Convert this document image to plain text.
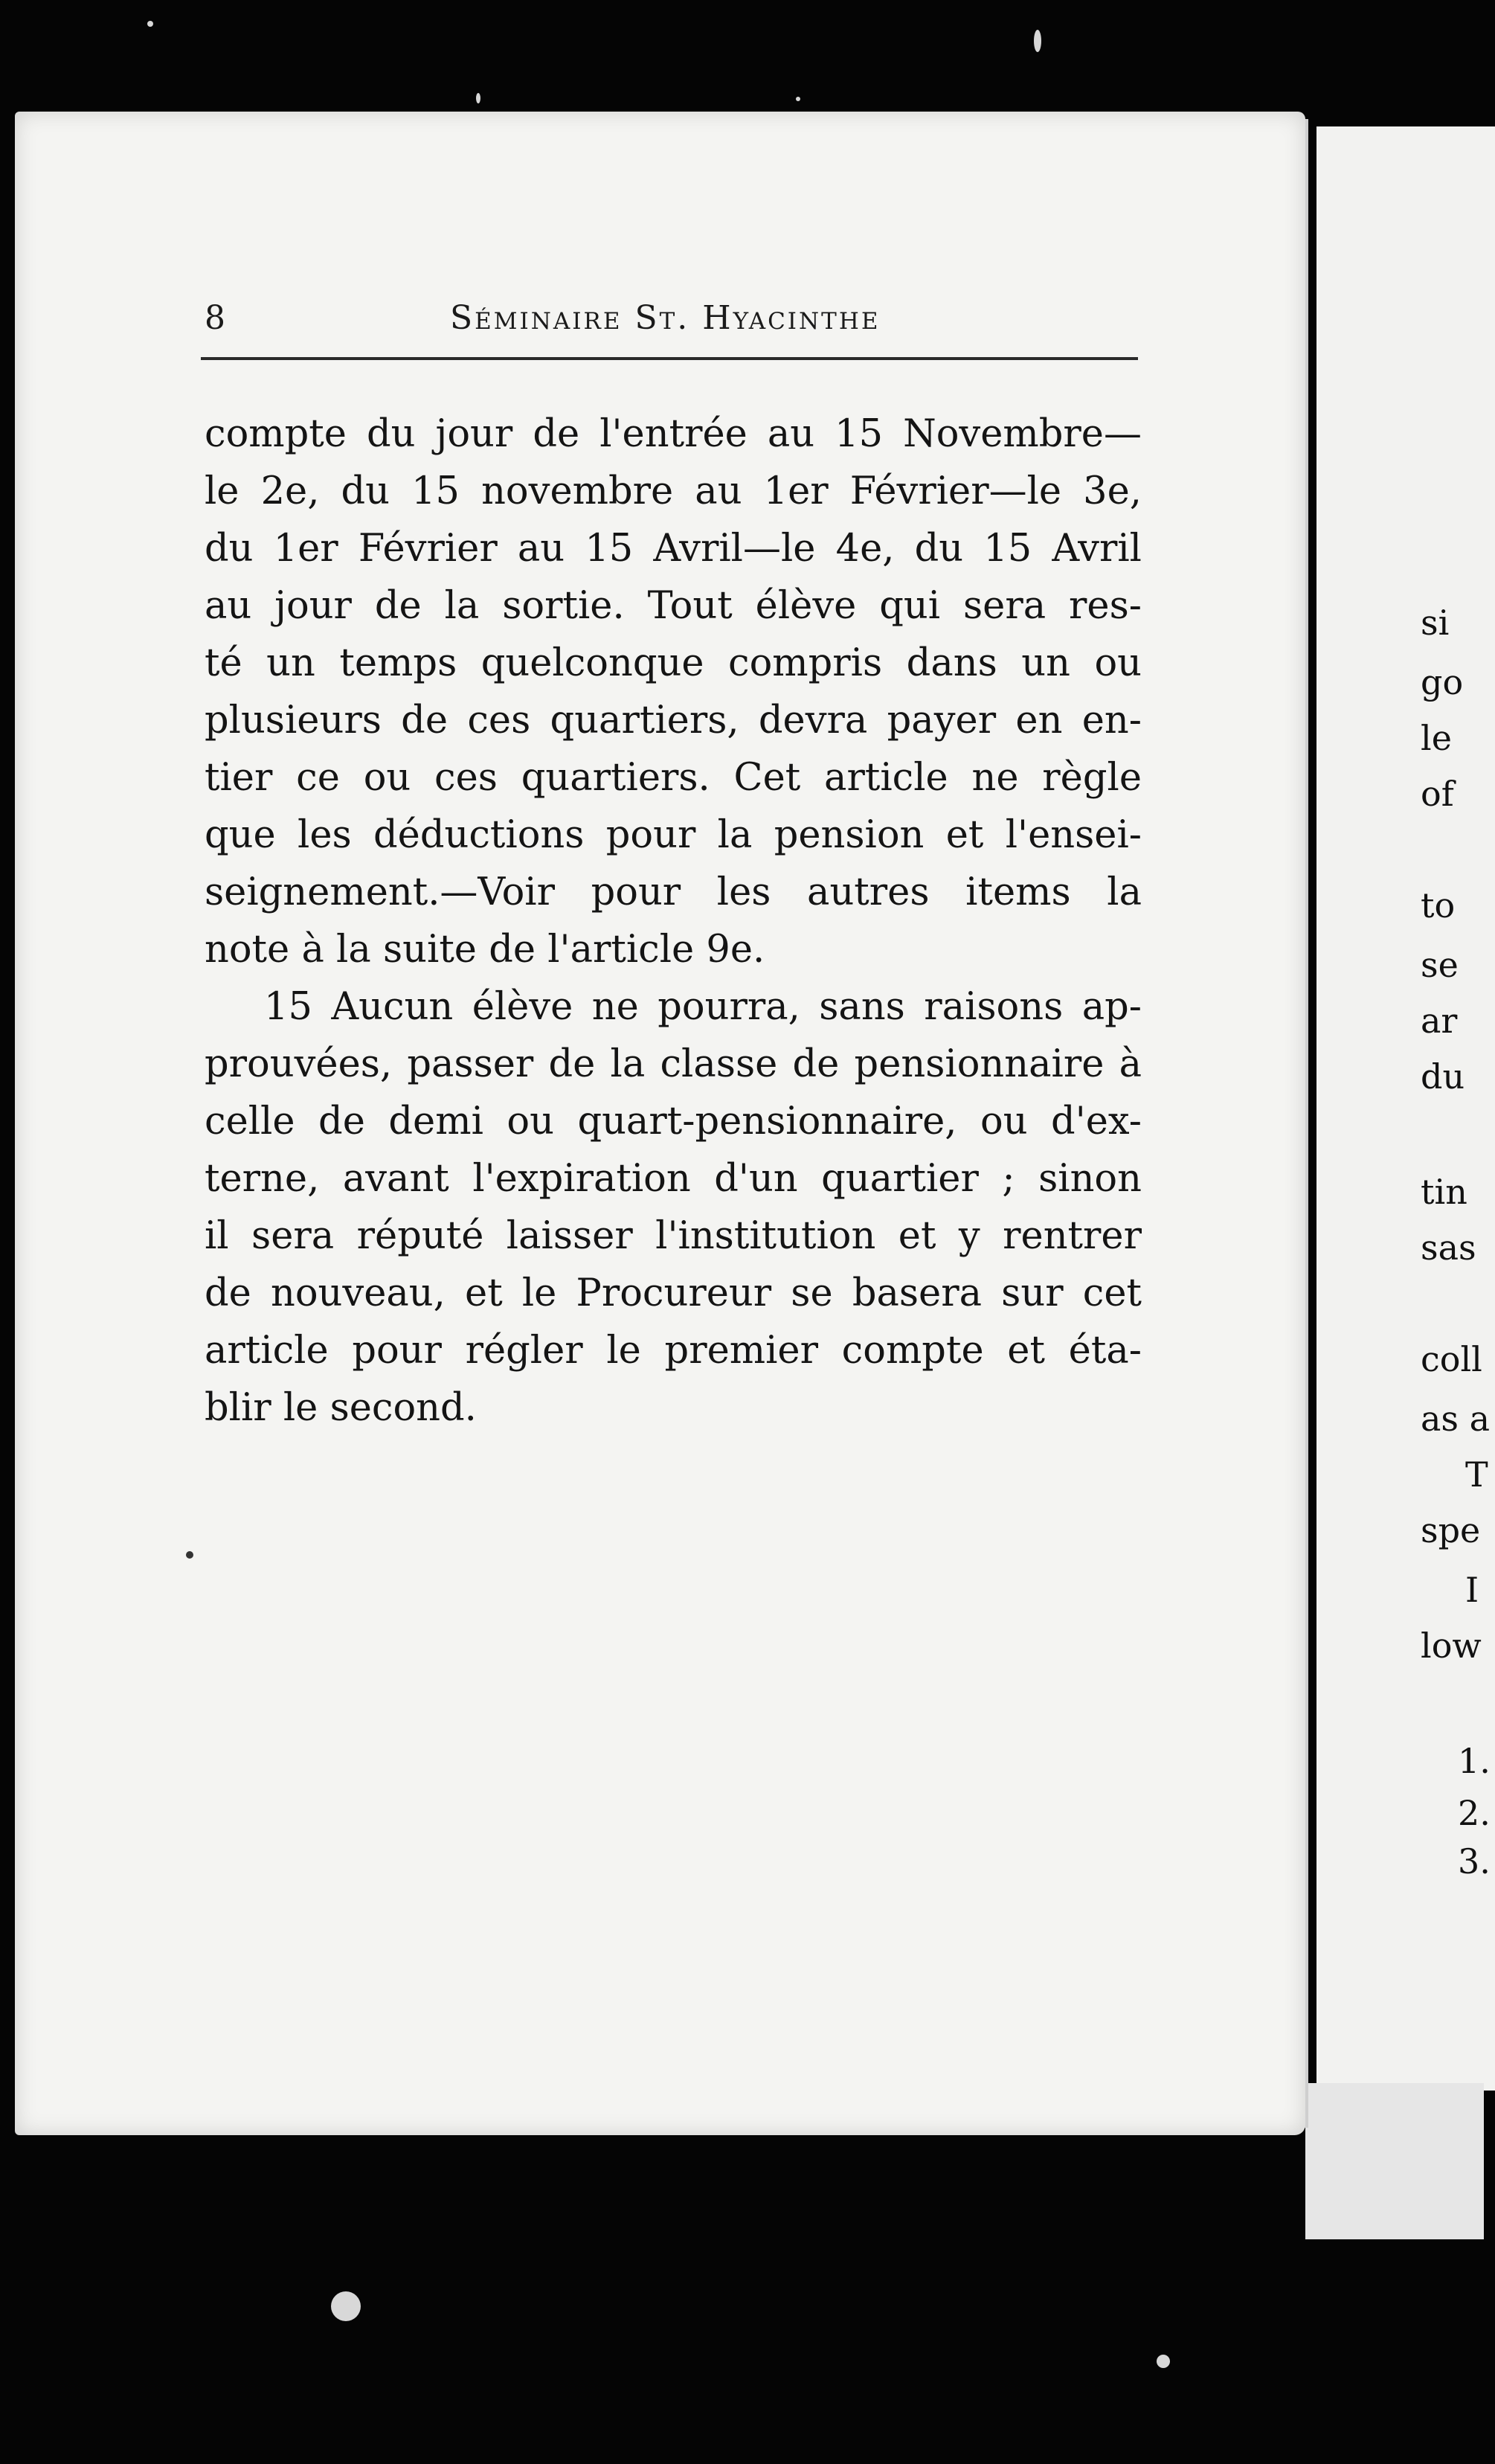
si
go
le
of
to
se
ar
du
tin
sas
coll
as a
T
spe
I
low
1.
2.
3.
8	Séminaire St. Hyacinthe
compte du jour de l'entrée au 15 Novembre—
le 2e, du 15 novembre au 1er Février—le 3e,
du 1er Février au 15 Avril—le 4e, du 15 Avril
au jour de la sortie. Tout élève qui sera res-
té un temps quelconque compris dans un ou
plusieurs de ces quartiers, devra payer en en-
tier ce ou ces quartiers. Cet article ne règle
que les déductions pour la pension et l'ensei-
seignement.—Voir pour les autres items la
note à la suite de l'article 9e.
15 Aucun élève ne pourra, sans raisons ap-
prouvées, passer de la classe de pensionnaire à
celle de demi ou quart-pensionnaire, ou d'ex-
terne, avant l'expiration d'un quartier ; sinon
il sera réputé laisser l'institution et y rentrer
de nouveau, et le Procureur se basera sur cet
article pour régler le premier compte et éta-
blir le second.
